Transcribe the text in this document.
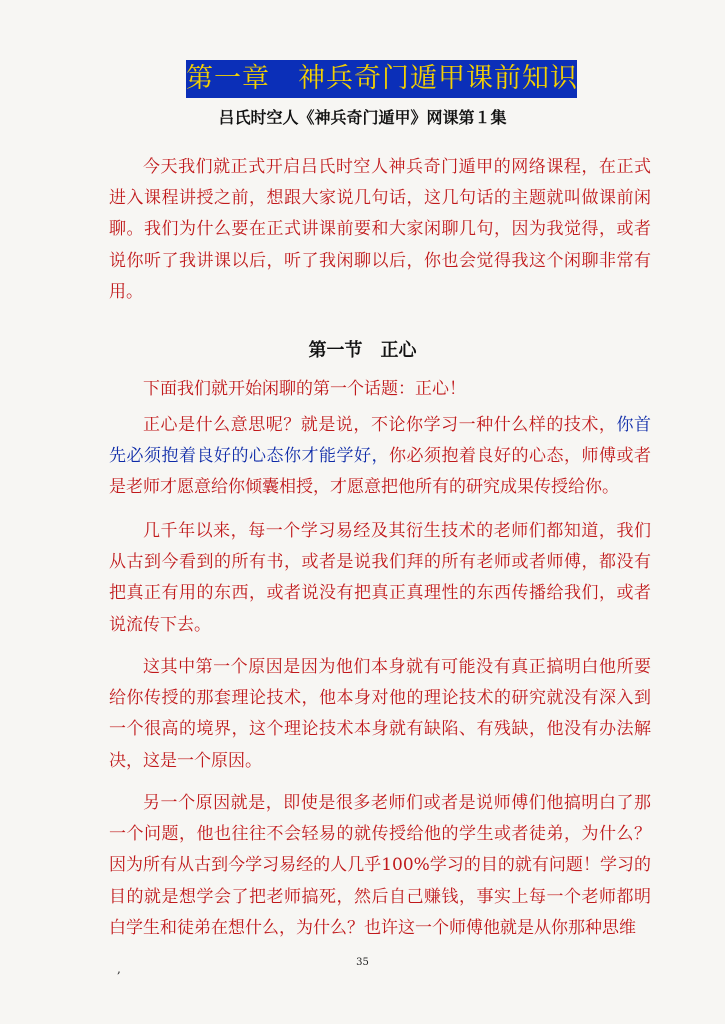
第一章　神兵奇门遁甲课前知识
吕氏时空人《神兵奇门遁甲》网课第１集

今天我们就正式开启吕氏时空人神兵奇门遁甲的网络课程，在正式进入课程讲授之前，想跟大家说几句话，这几句话的主题就叫做课前闲聊。我们为什么要在正式讲课前要和大家闲聊几句，因为我觉得，或者说你听了我讲课以后，听了我闲聊以后，你也会觉得我这个闲聊非常有用。

第一节　正心

下面我们就开始闲聊的第一个话题：正心！

正心是什么意思呢？就是说，不论你学习一种什么样的技术，你首先必须抱着良好的心态你才能学好，你必须抱着良好的心态，师傅或者是老师才愿意给你倾囊相授，才愿意把他所有的研究成果传授给你。

几千年以来，每一个学习易经及其衍生技术的老师们都知道，我们从古到今看到的所有书，或者是说我们拜的所有老师或者师傅，都没有把真正有用的东西，或者说没有把真正真理性的东西传播给我们，或者说流传下去。

这其中第一个原因是因为他们本身就有可能没有真正搞明白他所要给你传授的那套理论技术，他本身对他的理论技术的研究就没有深入到一个很高的境界，这个理论技术本身就有缺陷、有残缺，他没有办法解决，这是一个原因。

另一个原因就是，即使是很多老师们或者是说师傅们他搞明白了那一个问题，他也往往不会轻易的就传授给他的学生或者徒弟，为什么？因为所有从古到今学习易经的人几乎100%学习的目的就有问题！学习的目的就是想学会了把老师搞死，然后自己赚钱，事实上每一个老师都明白学生和徒弟在想什么，为什么？也许这一个师傅他就是从你那种思维

,	35
